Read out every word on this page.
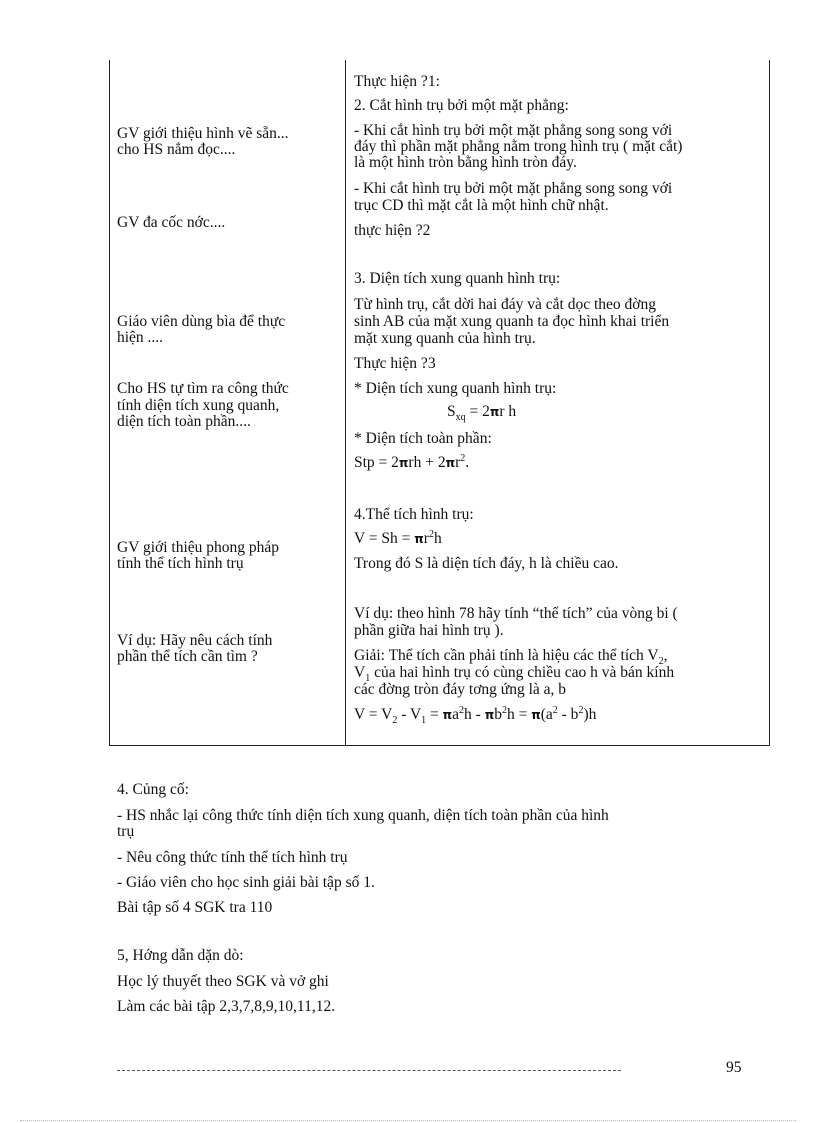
GV giới thiệu hình vẽ sẵn...
cho HS nắm đọc....
GV đa cốc nớc....
Giáo viên dùng bìa để thực
hiện ....
Cho HS tự tìm ra công thức
tính diện tích xung quanh,
diện tích toàn phần....
GV giới thiệu phong pháp
tính thể tích hình trụ
Ví dụ: Hãy nêu cách tính
phần thể tích cần tìm ?
Thực hiện ?1:
2. Cắt hình trụ bởi một mặt phẳng:
- Khi cắt hình trụ bởi một mặt phẳng song song với
đáy thì phần mặt phẳng nằm trong hình trụ ( mặt cắt)
là một hình tròn bằng hình tròn đáy.
- Khi cắt hình trụ bởi một mặt phẳng song song với
trục CD thì mặt cắt là một hình chữ nhật.
thực hiện ?2
3. Diện tích xung quanh hình trụ:
Từ hình trụ, cắt dời hai đáy và cắt dọc theo đờng
sinh AB của mặt xung quanh ta đọc hình khai triển
mặt xung quanh của hình trụ.
Thực hiện ?3
* Diện tích xung quanh hình trụ:
$S_{xq} = 2\pi r$ h
* Diện tích toàn phần:
Stp = $2\pi rh + 2\pi r^2$.
4.Thể tích hình trụ:
$V = Sh = \pi r^2h$
Trong đó S là diện tích đáy, h là chiều cao.
Ví dụ: theo hình 78 hãy tính “thể tích” của vòng bi (
phần giữa hai hình trụ ).
Giải: Thể tích cần phải tính là hiệu các thể tích $V_2$,
$V_1$ của hai hình trụ có cùng chiều cao h và bán kính
các đờng tròn đáy tơng ứng là a, b
$V = V_2 - V_1 = \pi a^2h - \pi b^2h = \pi(a^2 - b^2)h$
4. Củng cố:
- HS nhắc lại công thức tính diện tích xung quanh, diện tích toàn phần của hình
trụ
- Nêu công thức tính thể tích hình trụ
- Giáo viên cho học sinh giải bài tập số 1.
Bài tập số 4 SGK tra 110
5, Hớng dẫn dặn dò:
Học lý thuyết theo SGK và vở ghi
Làm các bài tập 2,3,7,8,9,10,11,12.
95
